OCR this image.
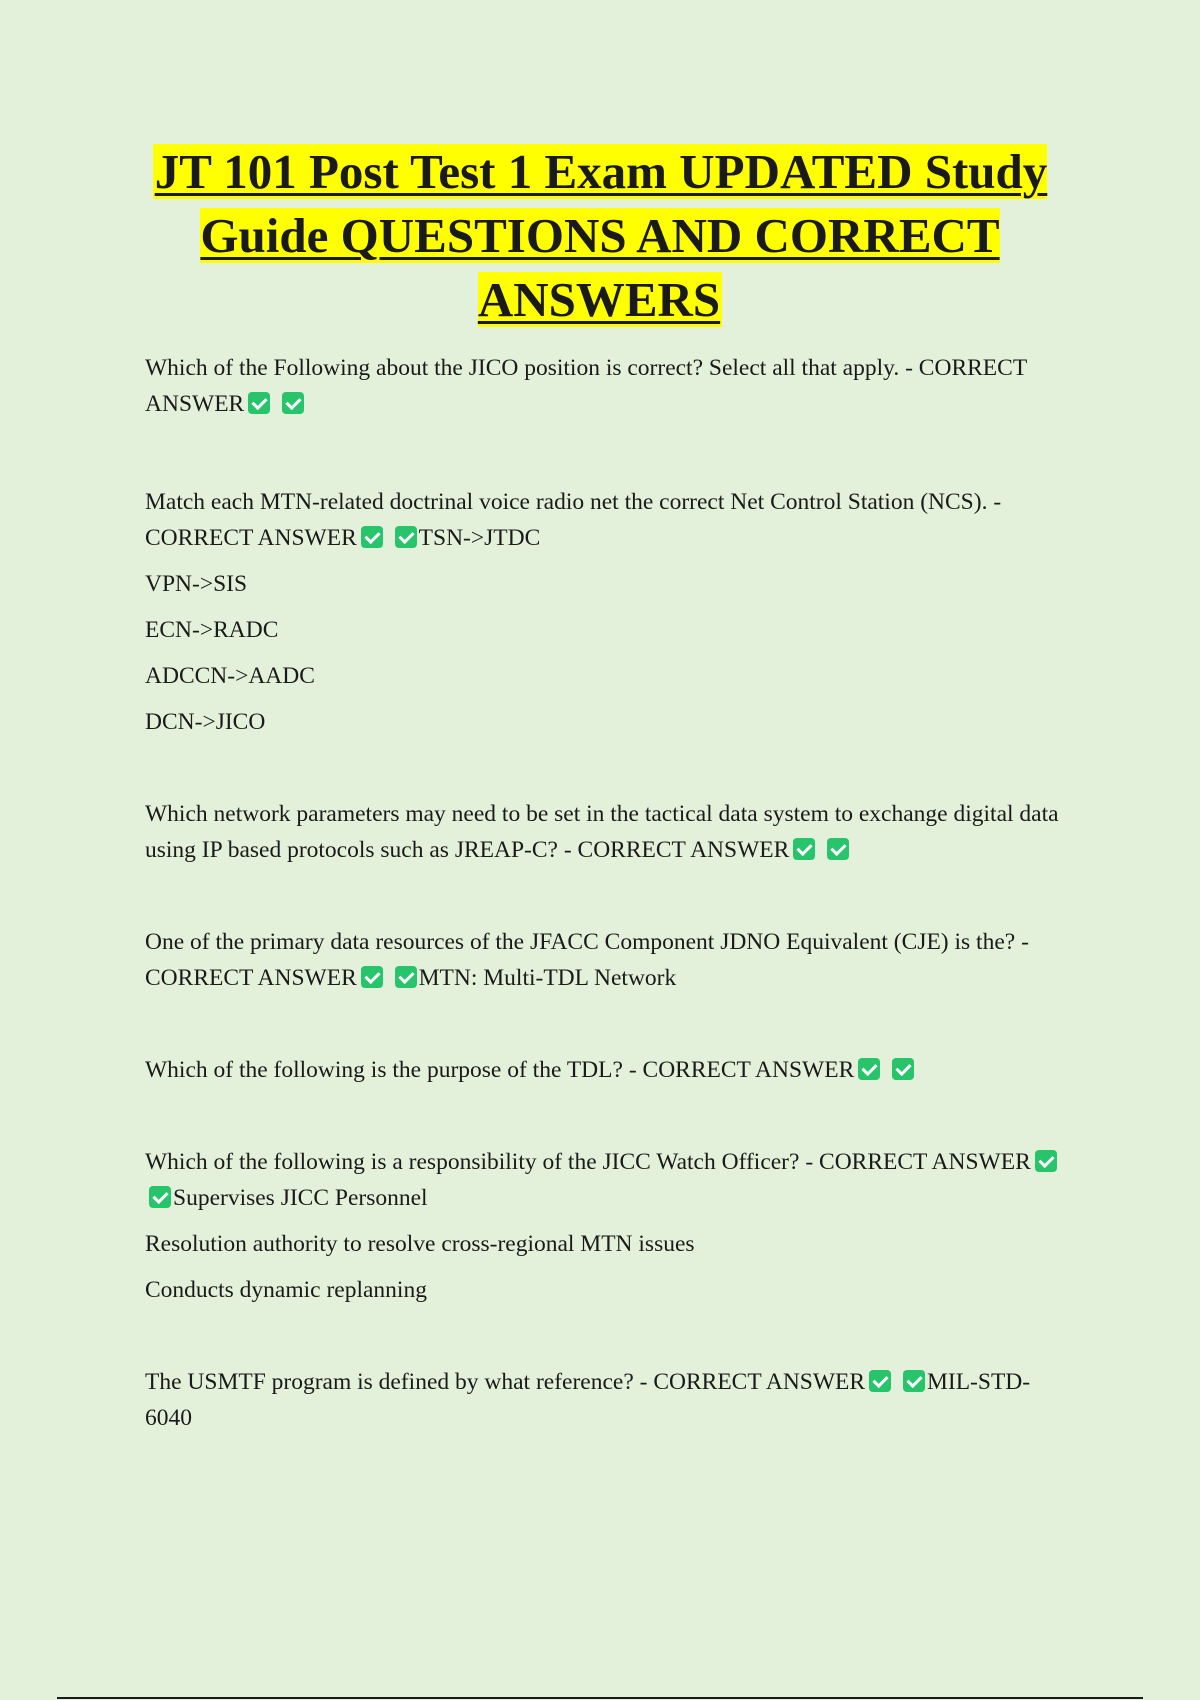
JT 101 Post Test 1 Exam UPDATED Study Guide QUESTIONS AND CORRECT ANSWERS

Which of the Following about the JICO position is correct? Select all that apply. - CORRECT ANSWER

Match each MTN-related doctrinal voice radio net the correct Net Control Station (NCS). - CORRECT ANSWER	TSN->JTDC

VPN->SIS

ECN->RADC

ADCCN->AADC

DCN->JICO

Which network parameters may need to be set in the tactical data system to exchange digital data using IP based protocols such as JREAP-C? - CORRECT ANSWER

One of the primary data resources of the JFACC Component JDNO Equivalent (CJE) is the? - CORRECT ANSWER	MTN: Multi-TDL Network

Which of the following is the purpose of the TDL? - CORRECT ANSWER

Which of the following is a responsibility of the JICC Watch Officer? - CORRECT ANSWER Supervises JICC Personnel

Resolution authority to resolve cross-regional MTN issues

Conducts dynamic replanning

The USMTF program is defined by what reference? - CORRECT ANSWER	MIL-STD-6040
